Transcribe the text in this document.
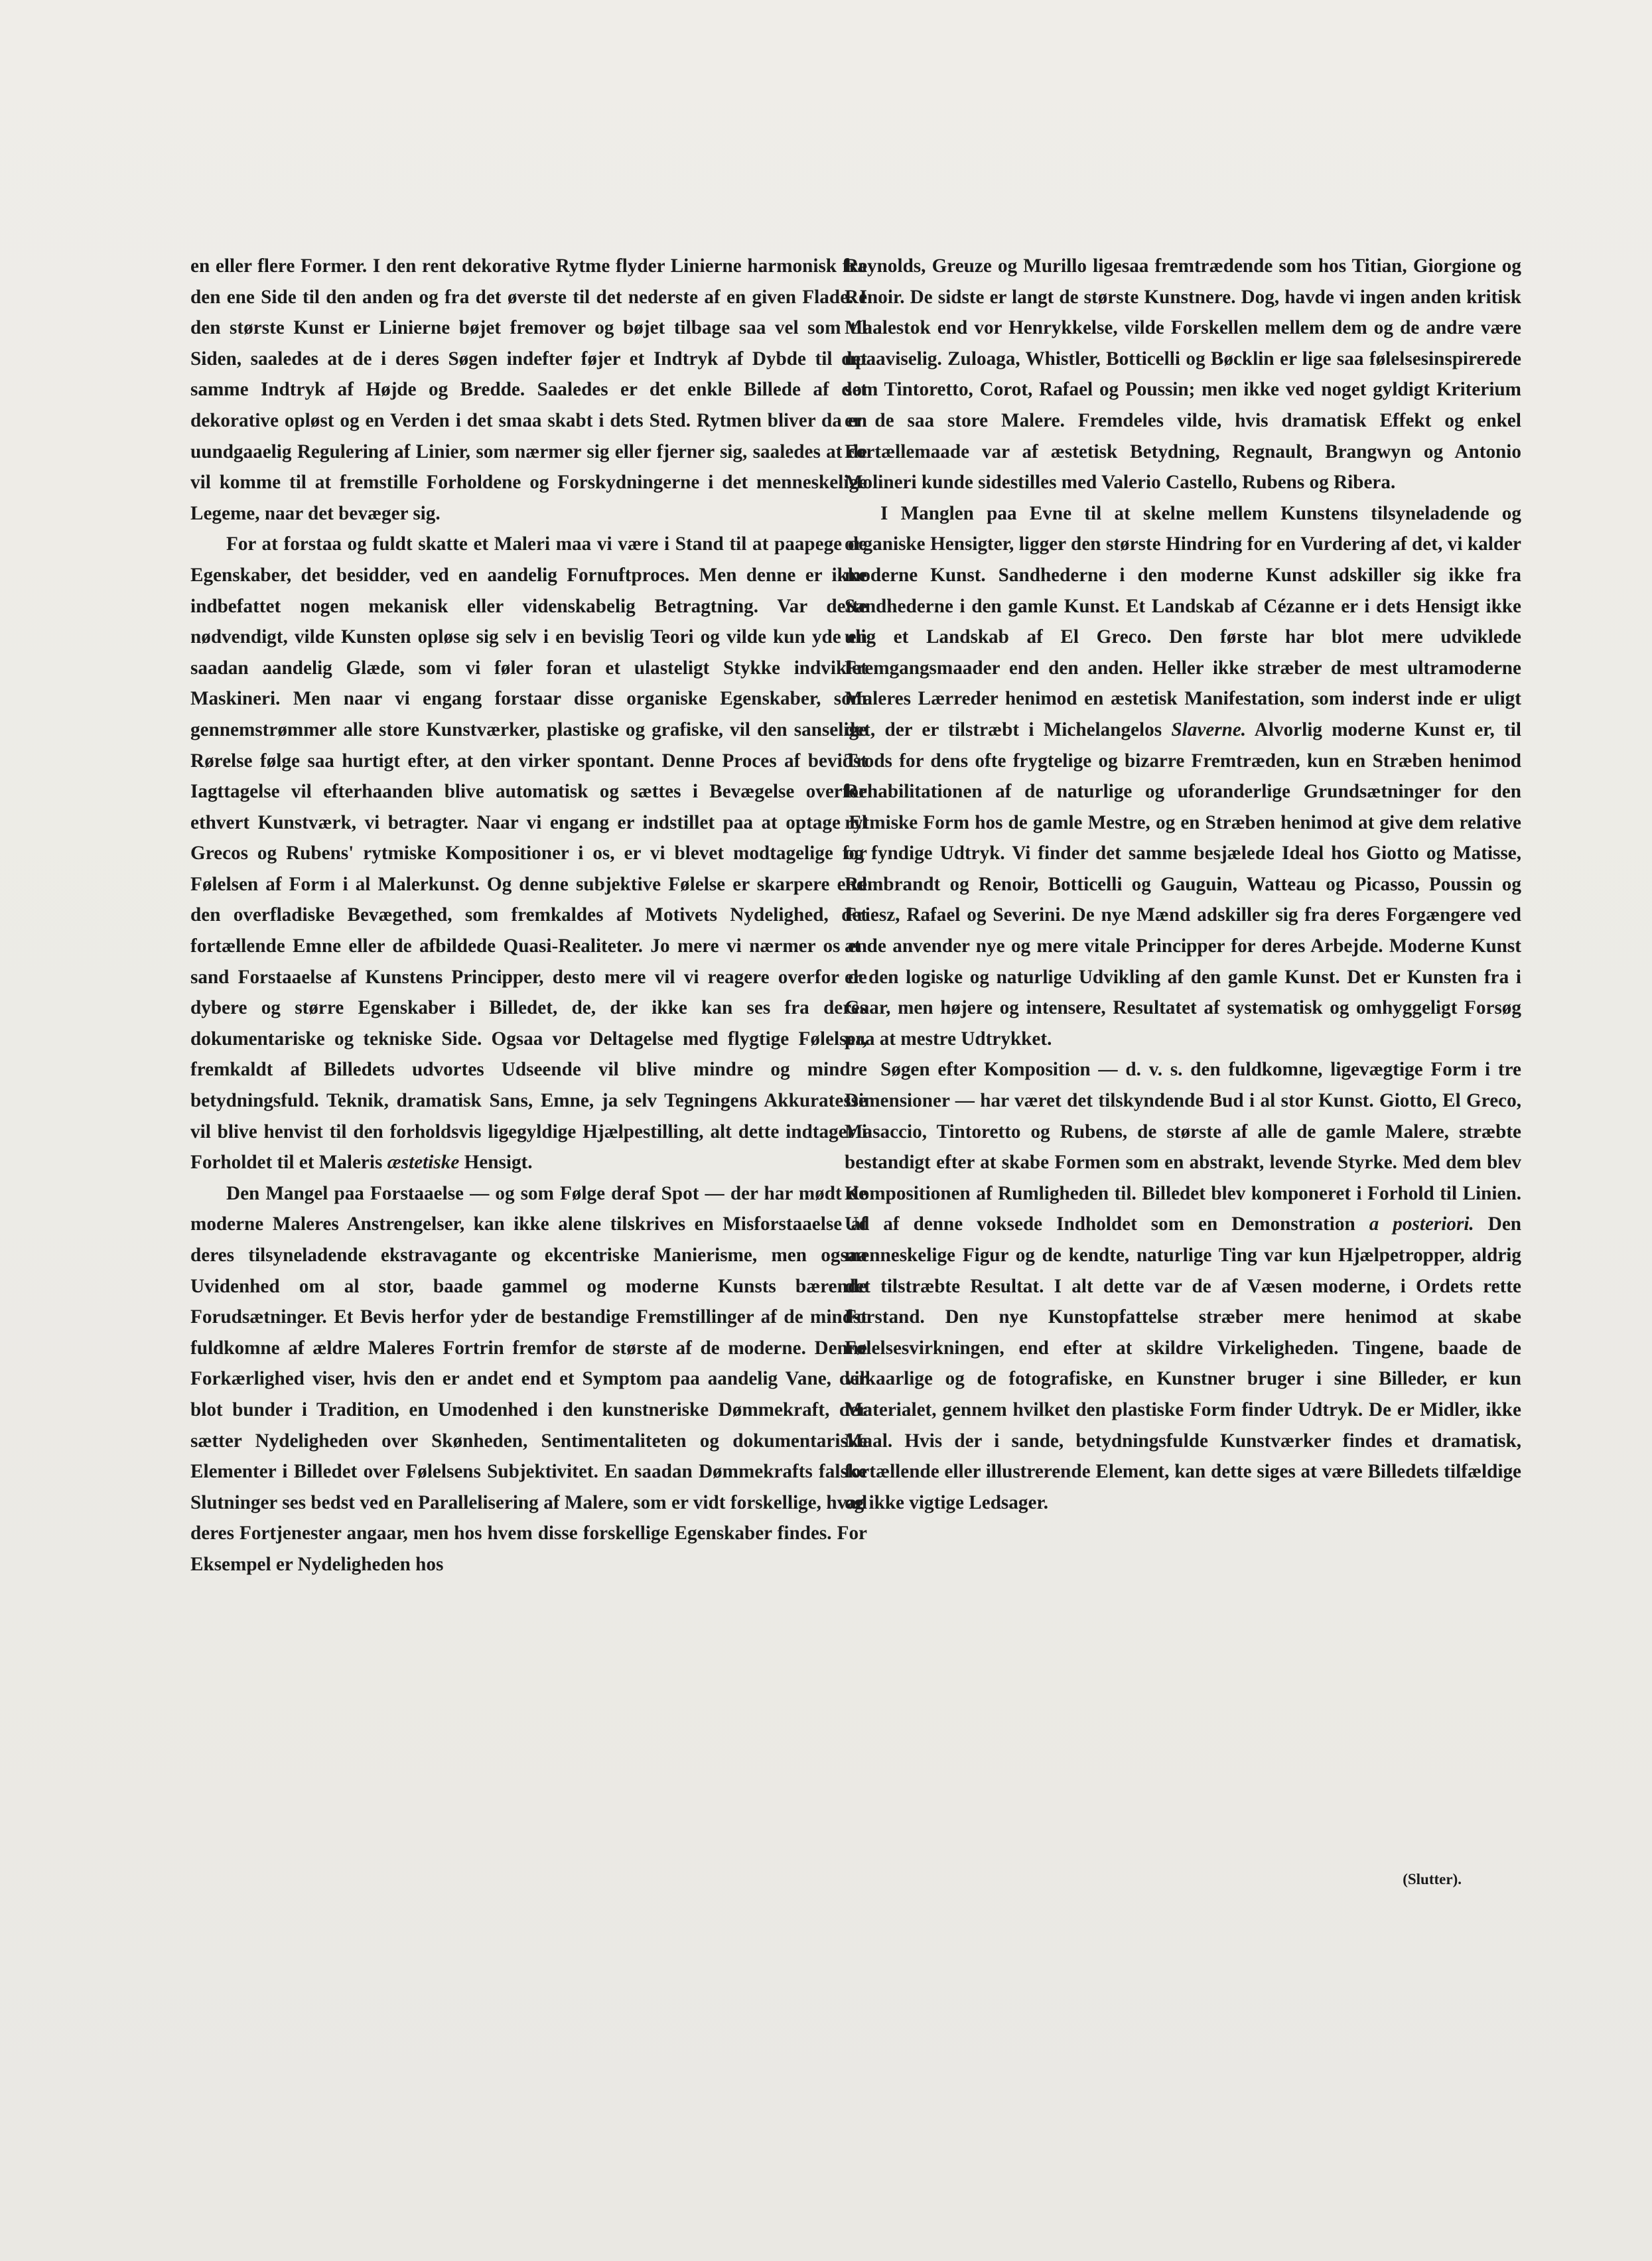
en eller flere Former. I den rent dekorative Rytme flyder Linierne harmonisk fra den ene Side til den anden og fra det øverste til det nederste af en given Flade. I den største Kunst er Linierne bøjet fremover og bøjet tilbage saa vel som til Siden, saaledes at de i deres Søgen indefter føjer et Indtryk af Dybde til det samme Indtryk af Højde og Bredde. Saaledes er det enkle Billede af det dekorative opløst og en Verden i det smaa skabt i dets Sted. Rytmen bliver da en uundgaaelig Regulering af Linier, som nærmer sig eller fjerner sig, saaledes at de vil komme til at fremstille Forholdene og Forskydningerne i det menneskelige Legeme, naar det bevæger sig.

For at forstaa og fuldt skatte et Maleri maa vi være i Stand til at paapege de Egenskaber, det besidder, ved en aandelig Fornuftproces. Men denne er ikke indbefattet nogen mekanisk eller videnskabelig Betragtning. Var dette nødvendigt, vilde Kunsten opløse sig selv i en bevislig Teori og vilde kun yde en saadan aandelig Glæde, som vi føler foran et ulasteligt Stykke indviklet Maskineri. Men naar vi engang forstaar disse organiske Egenskaber, som gennemstrømmer alle store Kunstværker, plastiske og grafiske, vil den sanselige Rørelse følge saa hurtigt efter, at den virker spontant. Denne Proces af bevidst Iagttagelse vil efterhaanden blive automatisk og sættes i Bevægelse overfor ethvert Kunstværk, vi betragter. Naar vi engang er indstillet paa at optage El Grecos og Rubens' rytmiske Kompositioner i os, er vi blevet modtagelige for Følelsen af Form i al Malerkunst. Og denne subjektive Følelse er skarpere end den overfladiske Bevægethed, som fremkaldes af Motivets Nydelighed, det fortællende Emne eller de afbildede Quasi-Realiteter. Jo mere vi nærmer os en sand Forstaaelse af Kunstens Principper, desto mere vil vi reagere overfor de dybere og større Egenskaber i Billedet, de, der ikke kan ses fra deres dokumentariske og tekniske Side. Ogsaa vor Deltagelse med flygtige Følelser, fremkaldt af Billedets udvortes Udseende vil blive mindre og mindre betydningsfuld. Teknik, dramatisk Sans, Emne, ja selv Tegningens Akkuratesse vil blive henvist til den forholdsvis ligegyldige Hjælpestilling, alt dette indtager i Forholdet til et Maleris æstetiske Hensigt.

Den Mangel paa Forstaaelse — og som Følge deraf Spot — der har mødt de moderne Maleres Anstrengelser, kan ikke alene tilskrives en Misforstaaelse af deres tilsyneladende ekstravagante og ekcentriske Manierisme, men ogsaa Uvidenhed om al stor, baade gammel og moderne Kunsts bærende Forudsætninger. Et Bevis herfor yder de bestandige Fremstillinger af de mindst fuldkomne af ældre Maleres Fortrin fremfor de største af de moderne. Denne Forkærlighed viser, hvis den er andet end et Symptom paa aandelig Vane, der blot bunder i Tradition, en Umodenhed i den kunstneriske Dømmekraft, der sætter Nydeligheden over Skønheden, Sentimentaliteten og dokumentariske Elementer i Billedet over Følelsens Subjektivitet. En saadan Dømmekrafts falske Slutninger ses bedst ved en Parallelisering af Malere, som er vidt forskellige, hvad deres Fortjenester angaar, men hos hvem disse forskellige Egenskaber findes. For Eksempel er Nydeligheden hos

Reynolds, Greuze og Murillo ligesaa fremtrædende som hos Titian, Giorgione og Renoir. De sidste er langt de største Kunstnere. Dog, havde vi ingen anden kritisk Maalestok end vor Henrykkelse, vilde Forskellen mellem dem og de andre være upaaviselig. Zuloaga, Whistler, Botticelli og Bøcklin er lige saa følelsesinspirerede som Tintoretto, Corot, Rafael og Poussin; men ikke ved noget gyldigt Kriterium er de saa store Malere. Fremdeles vilde, hvis dramatisk Effekt og enkel Fortællemaade var af æstetisk Betydning, Regnault, Brangwyn og Antonio Molineri kunde sidestilles med Valerio Castello, Rubens og Ribera.

I Manglen paa Evne til at skelne mellem Kunstens tilsyneladende og organiske Hensigter, ligger den største Hindring for en Vurdering af det, vi kalder moderne Kunst. Sandhederne i den moderne Kunst adskiller sig ikke fra Sandhederne i den gamle Kunst. Et Landskab af Cézanne er i dets Hensigt ikke ulig et Landskab af El Greco. Den første har blot mere udviklede Fremgangsmaader end den anden. Heller ikke stræber de mest ultramoderne Maleres Lærreder henimod en æstetisk Manifestation, som inderst inde er uligt det, der er tilstræbt i Michelangelos Slaverne. Alvorlig moderne Kunst er, til Trods for dens ofte frygtelige og bizarre Fremtræden, kun en Stræben henimod Rehabilitationen af de naturlige og uforanderlige Grundsætninger for den rytmiske Form hos de gamle Mestre, og en Stræben henimod at give dem relative og fyndige Udtryk. Vi finder det samme besjælede Ideal hos Giotto og Matisse, Rembrandt og Renoir, Botticelli og Gauguin, Watteau og Picasso, Poussin og Friesz, Rafael og Severini. De nye Mænd adskiller sig fra deres Forgængere ved at de anvender nye og mere vitale Principper for deres Arbejde. Moderne Kunst er den logiske og naturlige Udvikling af den gamle Kunst. Det er Kunsten fra i Gaar, men højere og intensere, Resultatet af systematisk og omhyggeligt Forsøg paa at mestre Udtrykket.

Søgen efter Komposition — d. v. s. den fuldkomne, ligevægtige Form i tre Dimensioner — har været det tilskyndende Bud i al stor Kunst. Giotto, El Greco, Masaccio, Tintoretto og Rubens, de største af alle de gamle Malere, stræbte bestandigt efter at skabe Formen som en abstrakt, levende Styrke. Med dem blev Kompositionen af Rumligheden til. Billedet blev komponeret i Forhold til Linien. Ud af denne voksede Indholdet som en Demonstration a posteriori. Den menneskelige Figur og de kendte, naturlige Ting var kun Hjælpetropper, aldrig det tilstræbte Resultat. I alt dette var de af Væsen moderne, i Ordets rette Forstand. Den nye Kunstopfattelse stræber mere henimod at skabe Følelsesvirkningen, end efter at skildre Virkeligheden. Tingene, baade de vilkaarlige og de fotografiske, en Kunstner bruger i sine Billeder, er kun Materialet, gennem hvilket den plastiske Form finder Udtryk. De er Midler, ikke Maal. Hvis der i sande, betydningsfulde Kunstværker findes et dramatisk, fortællende eller illustrerende Element, kan dette siges at være Billedets tilfældige og ikke vigtige Ledsager.

(Slutter).
